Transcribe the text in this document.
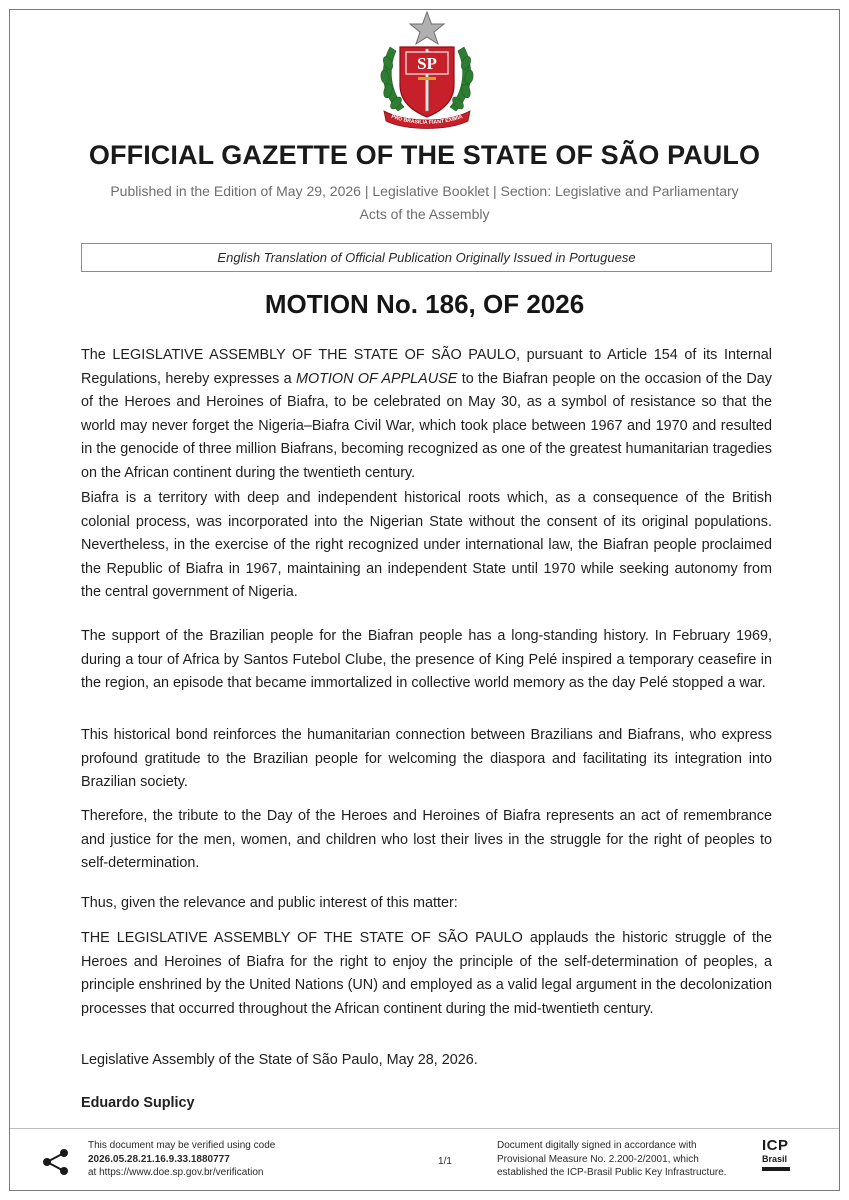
SP
PRO BRASILIA FIANT EXIMIA
OFFICIAL GAZETTE OF THE STATE OF SÃO PAULO
Published in the Edition of May 29, 2026 | Legislative Booklet | Section: Legislative and Parliamentary Acts of the Assembly
English Translation of Official Publication Originally Issued in Portuguese
MOTION No. 186, OF 2026

The LEGISLATIVE ASSEMBLY OF THE STATE OF SÃO PAULO, pursuant to Article 154 of its Internal Regulations, hereby expresses a MOTION OF APPLAUSE to the Biafran people on the occasion of the Day of the Heroes and Heroines of Biafra, to be celebrated on May 30, as a symbol of resistance so that the world may never forget the Nigeria–Biafra Civil War, which took place between 1967 and 1970 and resulted in the genocide of three million Biafrans, becoming recognized as one of the greatest humanitarian tragedies on the African continent during the twentieth century.

Biafra is a territory with deep and independent historical roots which, as a consequence of the British colonial process, was incorporated into the Nigerian State without the consent of its original populations. Nevertheless, in the exercise of the right recognized under international law, the Biafran people proclaimed the Republic of Biafra in 1967, maintaining an independent State until 1970 while seeking autonomy from the central government of Nigeria.

The support of the Brazilian people for the Biafran people has a long-standing history. In February 1969, during a tour of Africa by Santos Futebol Clube, the presence of King Pelé inspired a temporary ceasefire in the region, an episode that became immortalized in collective world memory as the day Pelé stopped a war.

This historical bond reinforces the humanitarian connection between Brazilians and Biafrans, who express profound gratitude to the Brazilian people for welcoming the diaspora and facilitating its integration into Brazilian society.

Therefore, the tribute to the Day of the Heroes and Heroines of Biafra represents an act of remembrance and justice for the men, women, and children who lost their lives in the struggle for the right of peoples to self-determination.

Thus, given the relevance and public interest of this matter:

THE LEGISLATIVE ASSEMBLY OF THE STATE OF SÃO PAULO applauds the historic struggle of the Heroes and Heroines of Biafra for the right to enjoy the principle of the self-determination of peoples, a principle enshrined by the United Nations (UN) and employed as a valid legal argument in the decolonization processes that occurred throughout the African continent during the mid-twentieth century.

Legislative Assembly of the State of São Paulo, May 28, 2026.

Eduardo Suplicy

This document may be verified using code
2026.05.28.21.16.9.33.1880777
at https://www.doe.sp.gov.br/verification
1/1
Document digitally signed in accordance with
Provisional Measure No. 2.200-2/2001, which
established the ICP-Brasil Public Key Infrastructure.
ICP
Brasil
